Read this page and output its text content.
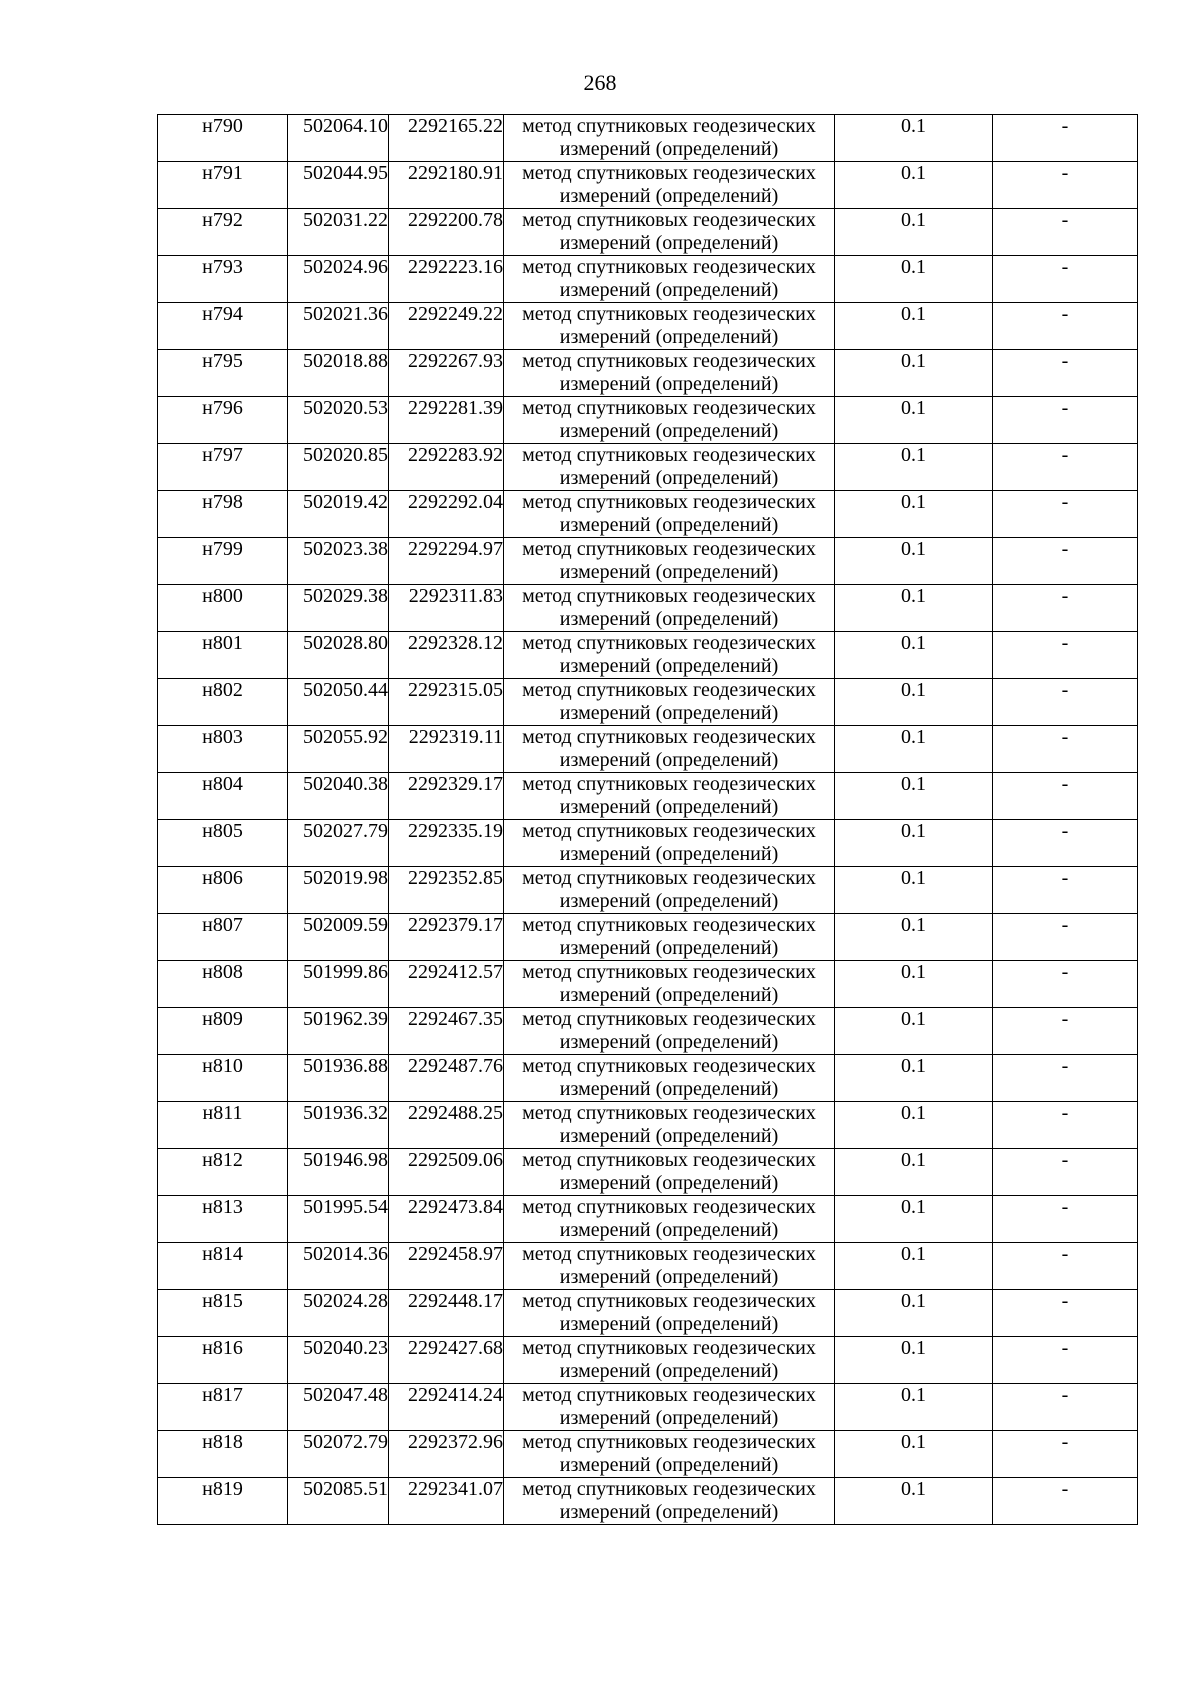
268
н790	502064.10	2292165.22	метод спутниковых геодезических
измерений (определений)	0.1	-
н791	502044.95	2292180.91	метод спутниковых геодезических
измерений (определений)	0.1	-
н792	502031.22	2292200.78	метод спутниковых геодезических
измерений (определений)	0.1	-
н793	502024.96	2292223.16	метод спутниковых геодезических
измерений (определений)	0.1	-
н794	502021.36	2292249.22	метод спутниковых геодезических
измерений (определений)	0.1	-
н795	502018.88	2292267.93	метод спутниковых геодезических
измерений (определений)	0.1	-
н796	502020.53	2292281.39	метод спутниковых геодезических
измерений (определений)	0.1	-
н797	502020.85	2292283.92	метод спутниковых геодезических
измерений (определений)	0.1	-
н798	502019.42	2292292.04	метод спутниковых геодезических
измерений (определений)	0.1	-
н799	502023.38	2292294.97	метод спутниковых геодезических
измерений (определений)	0.1	-
н800	502029.38	2292311.83	метод спутниковых геодезических
измерений (определений)	0.1	-
н801	502028.80	2292328.12	метод спутниковых геодезических
измерений (определений)	0.1	-
н802	502050.44	2292315.05	метод спутниковых геодезических
измерений (определений)	0.1	-
н803	502055.92	2292319.11	метод спутниковых геодезических
измерений (определений)	0.1	-
н804	502040.38	2292329.17	метод спутниковых геодезических
измерений (определений)	0.1	-
н805	502027.79	2292335.19	метод спутниковых геодезических
измерений (определений)	0.1	-
н806	502019.98	2292352.85	метод спутниковых геодезических
измерений (определений)	0.1	-
н807	502009.59	2292379.17	метод спутниковых геодезических
измерений (определений)	0.1	-
н808	501999.86	2292412.57	метод спутниковых геодезических
измерений (определений)	0.1	-
н809	501962.39	2292467.35	метод спутниковых геодезических
измерений (определений)	0.1	-
н810	501936.88	2292487.76	метод спутниковых геодезических
измерений (определений)	0.1	-
н811	501936.32	2292488.25	метод спутниковых геодезических
измерений (определений)	0.1	-
н812	501946.98	2292509.06	метод спутниковых геодезических
измерений (определений)	0.1	-
н813	501995.54	2292473.84	метод спутниковых геодезических
измерений (определений)	0.1	-
н814	502014.36	2292458.97	метод спутниковых геодезических
измерений (определений)	0.1	-
н815	502024.28	2292448.17	метод спутниковых геодезических
измерений (определений)	0.1	-
н816	502040.23	2292427.68	метод спутниковых геодезических
измерений (определений)	0.1	-
н817	502047.48	2292414.24	метод спутниковых геодезических
измерений (определений)	0.1	-
н818	502072.79	2292372.96	метод спутниковых геодезических
измерений (определений)	0.1	-
н819	502085.51	2292341.07	метод спутниковых геодезических
измерений (определений)	0.1	-
